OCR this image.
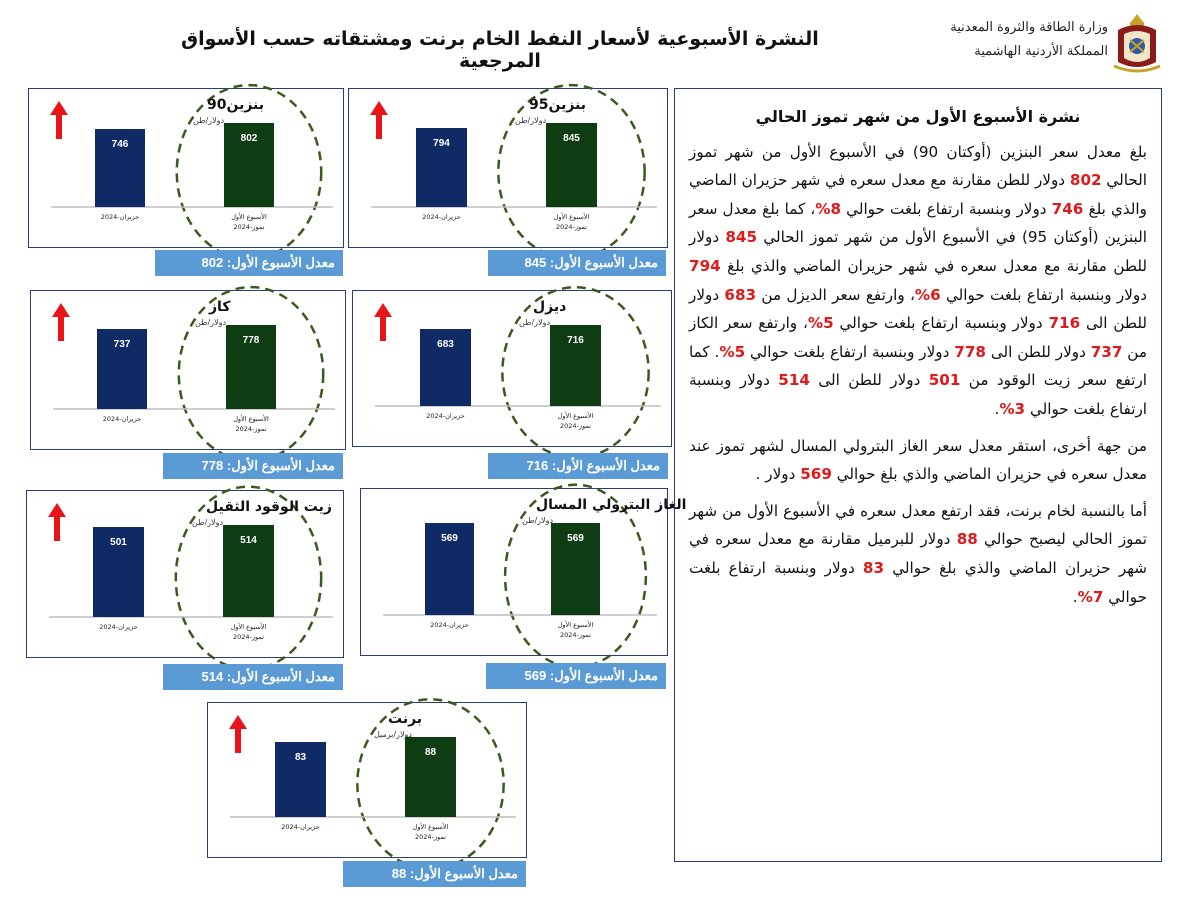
النشرة الأسبوعية لأسعار النفط الخام برنت ومشتقاته حسب الأسواق المرجعية
وزارة الطاقة والثروة المعدنية
المملكة الأردنية الهاشمية
746
802
حزيران-2024	الأسبوع الأول تموز-2024
بنزين90
دولار/طن
معدل الأسبوع الأول: 802
794	845
حزيران-2024	الأسبوع الأول تموز-2024
بنزين95
دولار/طن
معدل الأسبوع الأول: 845
737	778
حزيران-2024	الأسبوع الأول تموز-2024
كاز
دولار/طن
معدل الأسبوع الأول: 778
683	716
حزيران-2024	الأسبوع الأول تموز-2024
ديزل
دولار/طن
معدل الأسبوع الأول: 716
501	514
حزيران-2024	الأسبوع الأول تموز-2024
زيت الوقود الثقيل
دولار/طن
معدل الأسبوع الأول: 514
569	569
حزيران-2024	الأسبوع الأول تموز-2024
الغاز البترولي المسال
دولار/طن
معدل الأسبوع الأول: 569
83	88
حزيران-2024	الأسبوع الأول تموز-2024
برنت
دولار/برميل
معدل الأسبوع الأول: 88
نشرة الأسبوع الأول من شهر تموز الحالي

بلغ معدل سعر البنزين (أوكتان 90) في الأسبوع الأول من شهر تموز الحالي 802 دولار للطن مقارنة مع معدل سعره في شهر حزيران الماضي والذي بلغ 746 دولار وبنسبة ارتفاع بلغت حوالي 8%، كما بلغ معدل سعر البنزين (أوكتان 95) في الأسبوع الأول من شهر تموز الحالي 845 دولار للطن مقارنة مع معدل سعره في شهر حزيران الماضي والذي بلغ 794 دولار وبنسبة ارتفاع بلغت حوالي 6%، وارتفع سعر الديزل من 683 دولار للطن الى 716 دولار وبنسبة ارتفاع بلغت حوالي 5%، وارتفع سعر الكاز من 737 دولار للطن الى 778 دولار وبنسبة ارتفاع بلغت حوالي 5%. كما ارتفع سعر زيت الوقود من 501 دولار للطن الى 514 دولار وبنسبة ارتفاع بلغت حوالي 3%.

من جهة أخرى، استقر معدل سعر الغاز البترولي المسال لشهر تموز عند معدل سعره في حزيران الماضي والذي بلغ حوالي 569 دولار .

أما بالنسبة لخام برنت، فقد ارتفع معدل سعره في الأسبوع الأول من شهر تموز الحالي ليصبح حوالي 88 دولار للبرميل مقارنة مع معدل سعره في شهر حزيران الماضي والذي بلغ حوالي 83 دولار وبنسبة ارتفاع بلغت حوالي 7%.
